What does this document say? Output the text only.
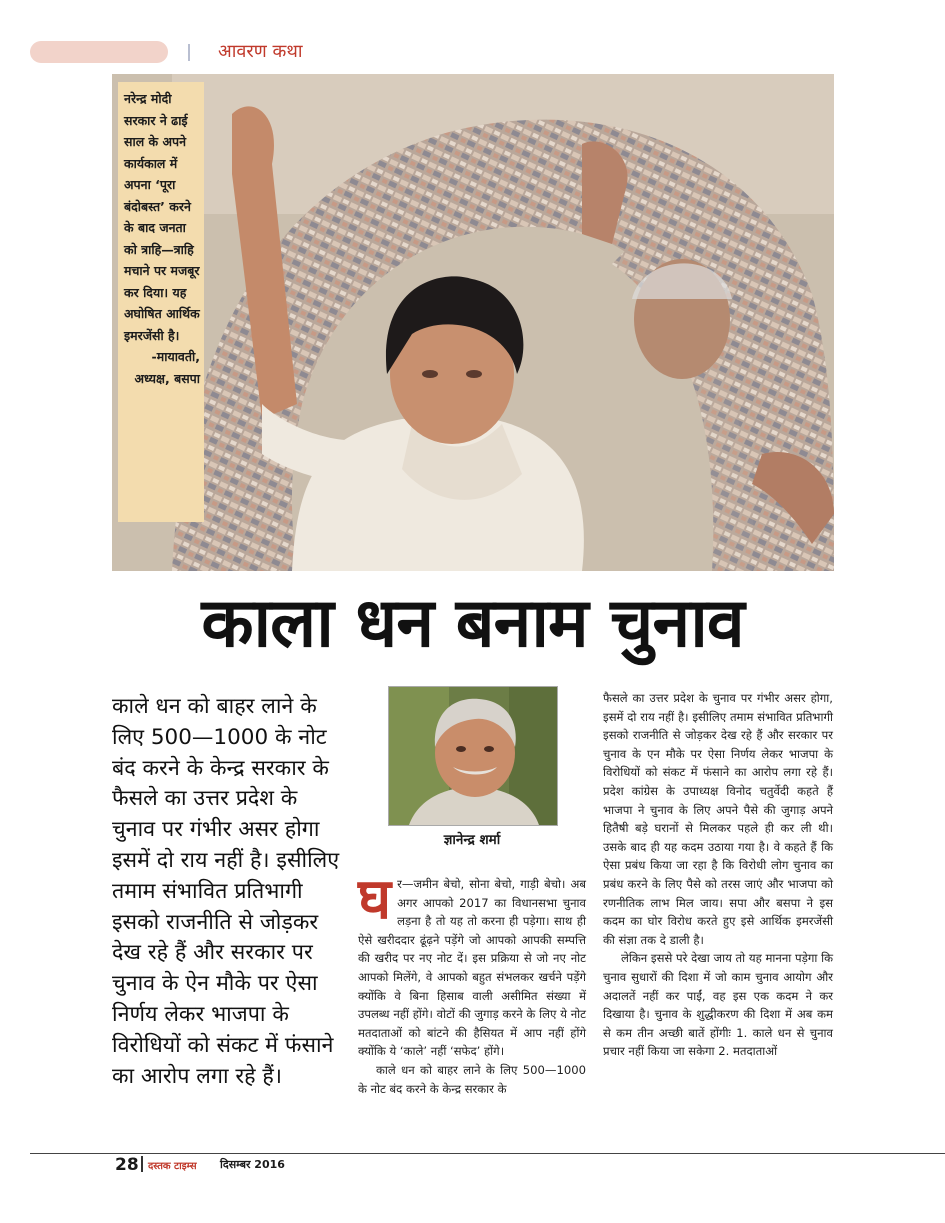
आवरण कथा
नरेन्द्र मोदी सरकार ने ढाई साल के अपने कार्यकाल में अपना ‘पूरा बंदोबस्त’ करने के बाद जनता को त्राहि—त्राहि मचाने पर मजबूर कर दिया। यह अघोषित आर्थिक इमरजेंसी है।
-मायावती, अध्यक्ष, बसपा
काला धन बनाम चुनाव
काले धन को बाहर लाने के लिए 500—1000 के नोट बंद करने के केन्द्र सरकार के फैसले का उत्तर प्रदेश के चुनाव पर गंभीर असर होगा इसमें दो राय नहीं है। इसीलिए तमाम संभावित प्रतिभागी इसको राजनीति से जोड़कर देख रहे हैं और सरकार पर चुनाव के ऐन मौके पर ऐसा निर्णय लेकर भाजपा के विरोधियों को संकट में फंसाने का आरोप लगा रहे हैं।
ज्ञानेन्द्र शर्मा

घ र—जमीन बेचो, सोना बेचो, गाड़ी बेचो। अब अगर आपको 2017 का विधानसभा चुनाव लड़ना है तो यह तो करना ही पड़ेगा। साथ ही ऐसे खरीददार ढूंढ़ने पड़ेंगे जो आपको आपकी सम्पत्ति की खरीद पर नए नोट दें। इस प्रक्रिया से जो नए नोट आपको मिलेंगे, वे आपको बहुत संभलकर खर्चने पड़ेंगे क्योंकि वे बिना हिसाब वाली असीमित संख्या में उपलब्ध नहीं होंगे। वोटों की जुगाड़ करने के लिए ये नोट मतदाताओं को बांटने की हैसियत में आप नहीं होंगे क्योंकि ये ‘काले’ नहीं ‘सफेद’ होंगे।

काले धन को बाहर लाने के लिए 500—1000 के नोट बंद करने के केन्द्र सरकार के

फैसले का उत्तर प्रदेश के चुनाव पर गंभीर असर होगा, इसमें दो राय नहीं है। इसीलिए तमाम संभावित प्रतिभागी इसको राजनीति से जोड़कर देख रहे हैं और सरकार पर चुनाव के एन मौके पर ऐसा निर्णय लेकर भाजपा के विरोधियों को संकट में फंसाने का आरोप लगा रहे हैं। प्रदेश कांग्रेस के उपाध्यक्ष विनोद चतुर्वेदी कहते हैं भाजपा ने चुनाव के लिए अपने पैसे की जुगाड़ अपने हितैषी बड़े घरानों से मिलकर पहले ही कर ली थी। उसके बाद ही यह कदम उठाया गया है। वे कहते हैं कि ऐसा प्रबंध किया जा रहा है कि विरोधी लोग चुनाव का प्रबंध करने के लिए पैसे को तरस जाएं और भाजपा को रणनीतिक लाभ मिल जाय। सपा और बसपा ने इस कदम का घोर विरोध करते हुए इसे आर्थिक इमरजेंसी की संज्ञा तक दे डाली है।

लेकिन इससे परे देखा जाय तो यह मानना पड़ेगा कि चुनाव सुधारों की दिशा में जो काम चुनाव आयोग और अदालतें नहीं कर पाईं, वह इस एक कदम ने कर दिखाया है। चुनाव के शुद्धीकरण की दिशा में अब कम से कम तीन अच्छी बातें होंगीः 1. काले धन से चुनाव प्रचार नहीं किया जा सकेगा 2. मतदाताओं

28 दस्तक टाइम्स दिसम्बर 2016
